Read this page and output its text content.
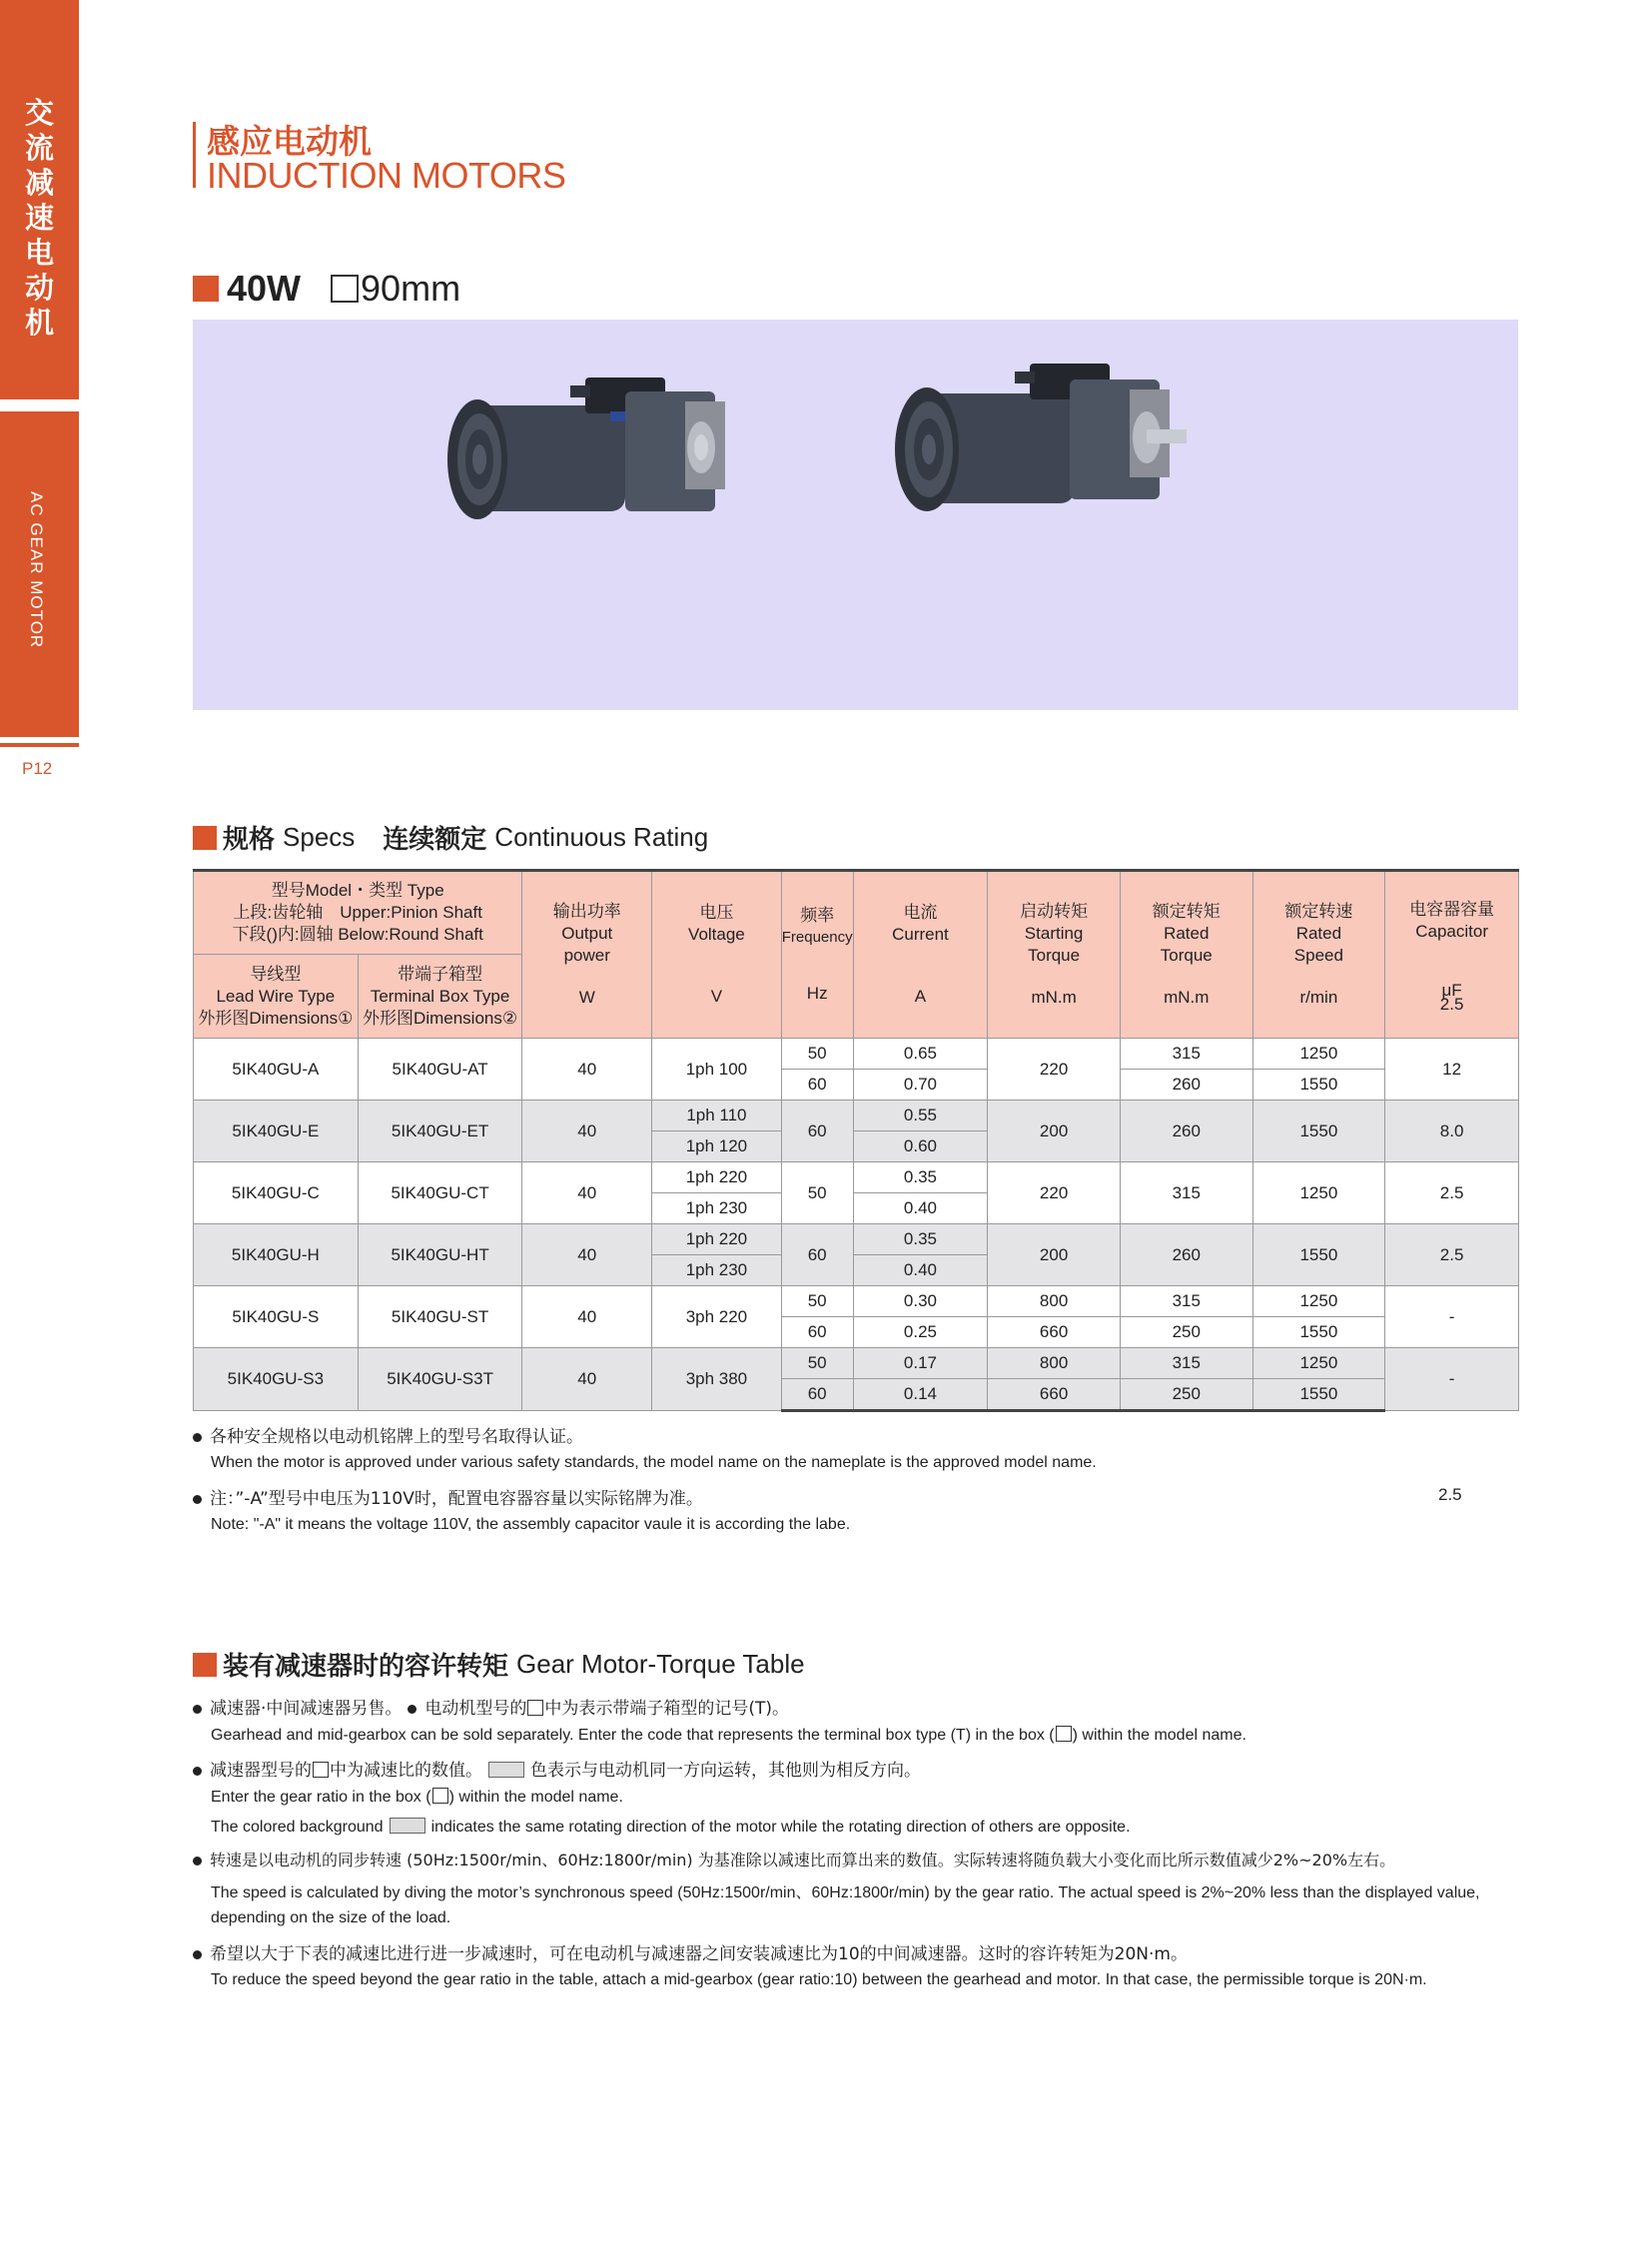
交
流
减
速
电
动
机
AC GEAR MOTOR
P12
感应电动机
INDUCTION MOTORS
40W 90mm
规格 Specs 连续额定 Continuous Rating
型号Model・类型 Type
上段:齿轮轴　Upper:Pinion Shaft
下段()内:圆轴 Below:Round Shaft		输出功率
Output
power

W	电压
Voltage

V	频率
Frequency

Hz	电流
Current

A	启动转矩
Starting
Torque

mN.m	额定转矩
Rated
Torque

mN.m	额定转速
Rated
Speed

r/min	电容器容量
Capacitor

μF
2.5

导线型
Lead Wire Type
外形图Dimensions①	带端子箱型
Terminal Box Type
外形图Dimensions②								

5IK40GU-A	5IK40GU-AT	40	1ph 100	50	0.65	220	315	1250	12
				60	0.70		260	1550	
5IK40GU-E	5IK40GU-ET	40	1ph 110	60	0.55	200	260	1550	8.0
			1ph 120		0.60				
5IK40GU-C	5IK40GU-CT	40	1ph 220	50	0.35	220	315	1250	2.5
			1ph 230		0.40				
5IK40GU-H	5IK40GU-HT	40	1ph 220	60	0.35	200	260	1550	2.5
			1ph 230		0.40				
5IK40GU-S	5IK40GU-ST	40	3ph 220	50	0.30	800	315	1250	-
				60	0.25	660	250	1550	
5IK40GU-S3	5IK40GU-S3T	40	3ph 380	50	0.17	800	315	1250	-
				60	0.14	660	250	1550	
各种安全规格以电动机铭牌上的型号名取得认证。
When the motor is approved under various safety standards, the model name on the nameplate is the approved model name.
注：”-A”型号中电压为110V时，配置电容器容量以实际铭牌为准。
Note: "-A" it means the voltage 110V, the assembly capacitor vaule it is according the labe.
2.5
装有减速器时的容许转矩 Gear Motor-Torque Table
减速器·中间减速器另售。 电动机型号的 中为表示带端子箱型的记号(T)。
Gearhead and mid-gearbox can be sold separately. Enter the code that represents the terminal box type (T) in the box ( ) within the model name.
减速器型号的 中为减速比的数值。	色表示与电动机同一方向运转，其他则为相反方向。
Enter the gear ratio in the box ( ) within the model name.
The colored background	indicates the same rotating direction of the motor while the rotating direction of others are opposite.
转速是以电动机的同步转速 (50Hz:1500r/min、60Hz:1800r/min) 为基准除以减速比而算出来的数值。实际转速将随负载大小变化而比所示数值减少2%~20%左右。
The speed is calculated by diving the motor’s synchronous speed (50Hz:1500r/min、60Hz:1800r/min) by the gear ratio. The actual speed is 2%~20% less than the displayed value,
depending on the size of the load.
希望以大于下表的减速比进行进一步减速时，可在电动机与减速器之间安装减速比为10的中间减速器。这时的容许转矩为20N·m。
To reduce the speed beyond the gear ratio in the table, attach a mid-gearbox (gear ratio:10) between the gearhead and motor. In that case, the permissible torque is 20N·m.
